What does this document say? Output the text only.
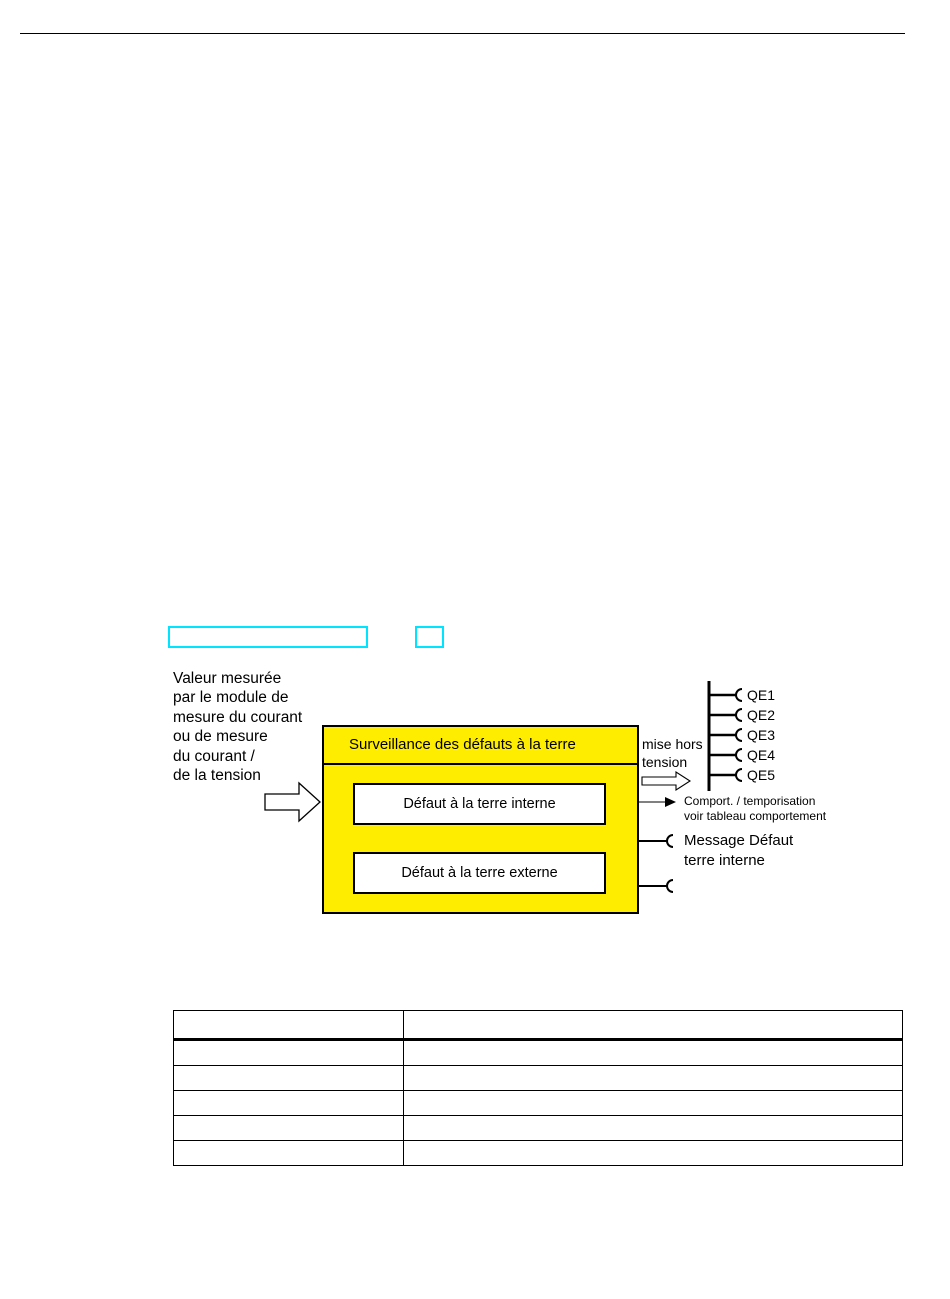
Valeur mesurée
par le module de
mesure du courant
ou de mesure
du courant /
de la tension
Surveillance des défauts à la terre
Défaut à la terre interne
Défaut à la terre externe
mise hors
tension
QE1
QE2
QE3
QE4
QE5
Comport. / temporisation
voir tableau comportement
Message Défaut
terre interne
